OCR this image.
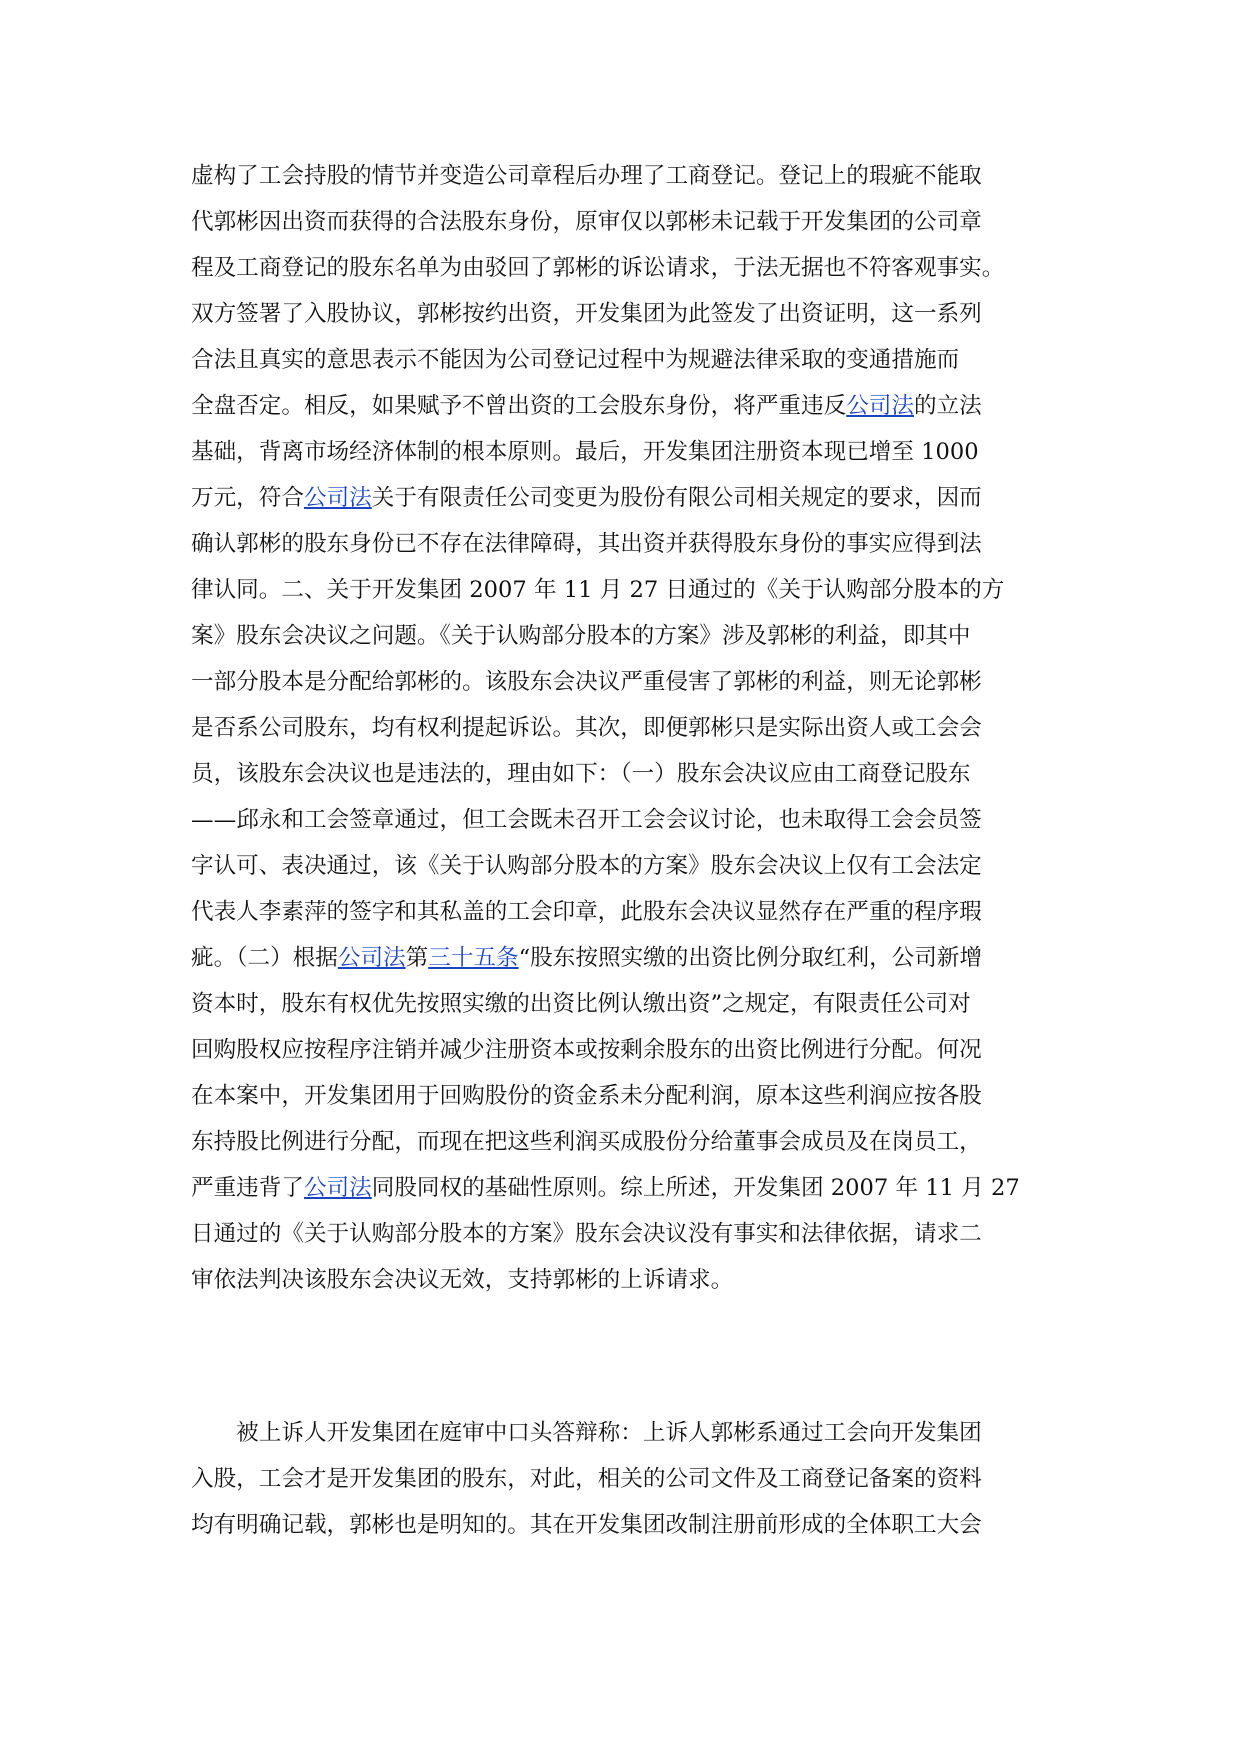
虚构了工会持股的情节并变造公司章程后办理了工商登记。登记上的瑕疵不能取
代郭彬因出资而获得的合法股东身份，原审仅以郭彬未记载于开发集团的公司章
程及工商登记的股东名单为由驳回了郭彬的诉讼请求，于法无据也不符客观事实。
双方签署了入股协议，郭彬按约出资，开发集团为此签发了出资证明，这一系列
合法且真实的意思表示不能因为公司登记过程中为规避法律采取的变通措施而
全盘否定。相反，如果赋予不曾出资的工会股东身份，将严重违反公司法的立法
基础，背离市场经济体制的根本原则。最后，开发集团注册资本现已增至 1000
万元，符合公司法关于有限责任公司变更为股份有限公司相关规定的要求，因而
确认郭彬的股东身份已不存在法律障碍，其出资并获得股东身份的事实应得到法
律认同。二、关于开发集团 2007 年 11 月 27 日通过的《关于认购部分股本的方
案》股东会决议之问题。《关于认购部分股本的方案》涉及郭彬的利益，即其中
一部分股本是分配给郭彬的。该股东会决议严重侵害了郭彬的利益，则无论郭彬
是否系公司股东，均有权利提起诉讼。其次，即便郭彬只是实际出资人或工会会
员，该股东会决议也是违法的，理由如下：（一）股东会决议应由工商登记股东
——邱永和工会签章通过，但工会既未召开工会会议讨论，也未取得工会会员签
字认可、表决通过，该《关于认购部分股本的方案》股东会决议上仅有工会法定
代表人李素萍的签字和其私盖的工会印章，此股东会决议显然存在严重的程序瑕
疵。（二）根据公司法第三十五条“股东按照实缴的出资比例分取红利，公司新增
资本时，股东有权优先按照实缴的出资比例认缴出资”之规定，有限责任公司对
回购股权应按程序注销并减少注册资本或按剩余股东的出资比例进行分配。何况
在本案中，开发集团用于回购股份的资金系未分配利润，原本这些利润应按各股
东持股比例进行分配，而现在把这些利润买成股份分给董事会成员及在岗员工，
严重违背了公司法同股同权的基础性原则。综上所述，开发集团 2007 年 11 月 27
日通过的《关于认购部分股本的方案》股东会决议没有事实和法律依据，请求二
审依法判决该股东会决议无效，支持郭彬的上诉请求。
　　被上诉人开发集团在庭审中口头答辩称：上诉人郭彬系通过工会向开发集团
入股，工会才是开发集团的股东，对此，相关的公司文件及工商登记备案的资料
均有明确记载，郭彬也是明知的。其在开发集团改制注册前形成的全体职工大会
